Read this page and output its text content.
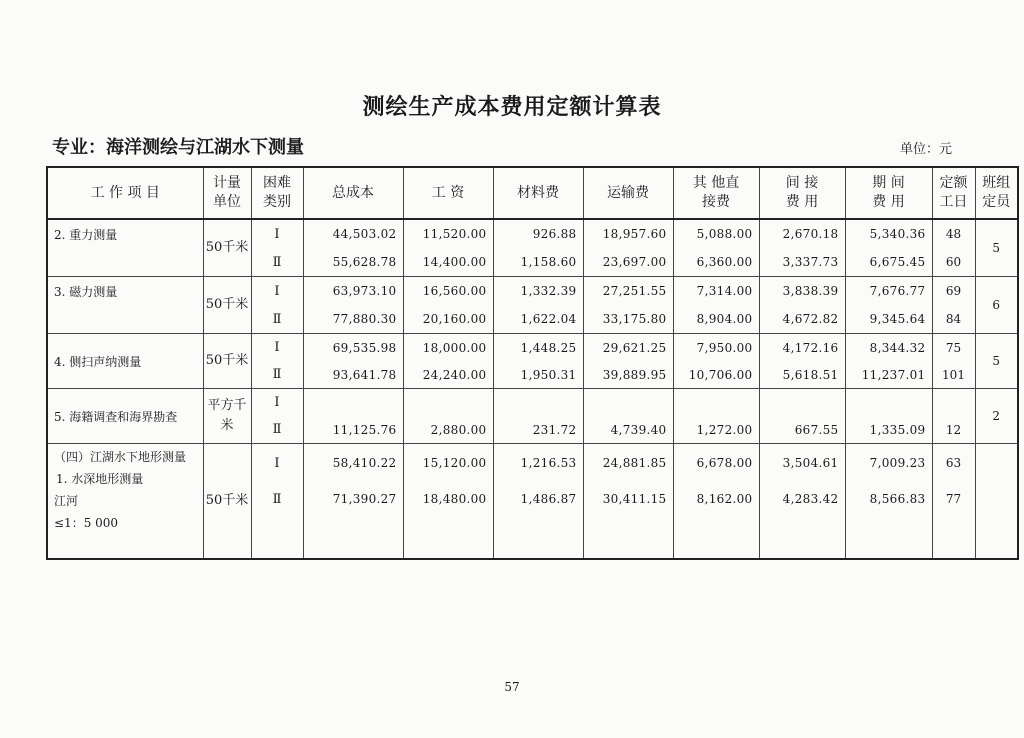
测绘生产成本费用定额计算表
专业：海洋测绘与江湖水下测量	单位：元
工 作 项 目	计量单位	困难类别	总成本	工 资	材料费	运输费	其 他直接费	间 接费 用	期 间费 用	定额工日	班组定员
2. 重力测量	50千米	Ⅰ	44,503.02	11,520.00	926.88	18,957.60	5,088.00	2,670.18	5,340.36	48	5
		Ⅱ	55,628.78	14,400.00	1,158.60	23,697.00	6,360.00	3,337.73	6,675.45	60	
3. 磁力测量	50千米	Ⅰ	63,973.10	16,560.00	1,332.39	27,251.55	7,314.00	3,838.39	7,676.77	69	6
		Ⅱ	77,880.30	20,160.00	1,622.04	33,175.80	8,904.00	4,672.82	9,345.64	84	
4. 侧扫声纳测量	50千米	Ⅰ	69,535.98	18,000.00	1,448.25	29,621.25	7,950.00	4,172.16	8,344.32	75	5
		Ⅱ	93,641.78	24,240.00	1,950.31	39,889.95	10,706.00	5,618.51	11,237.01	101	
5. 海籍调查和海界勘查	平方千米	Ⅰ									2
		Ⅱ	11,125.76	2,880.00	231.72	4,739.40	1,272.00	667.55	1,335.09	12	

（四）江湖水下地形测量
1. 水深地形测量
江河
≤1：5 000	50千米	Ⅰ	58,410.22	15,120.00	1,216.53	24,881.85	6,678.00	3,504.61	7,009.23	63	
		Ⅱ	71,390.27	18,480.00	1,486.87	30,411.15	8,162.00	4,283.42	8,566.83	77	
57
